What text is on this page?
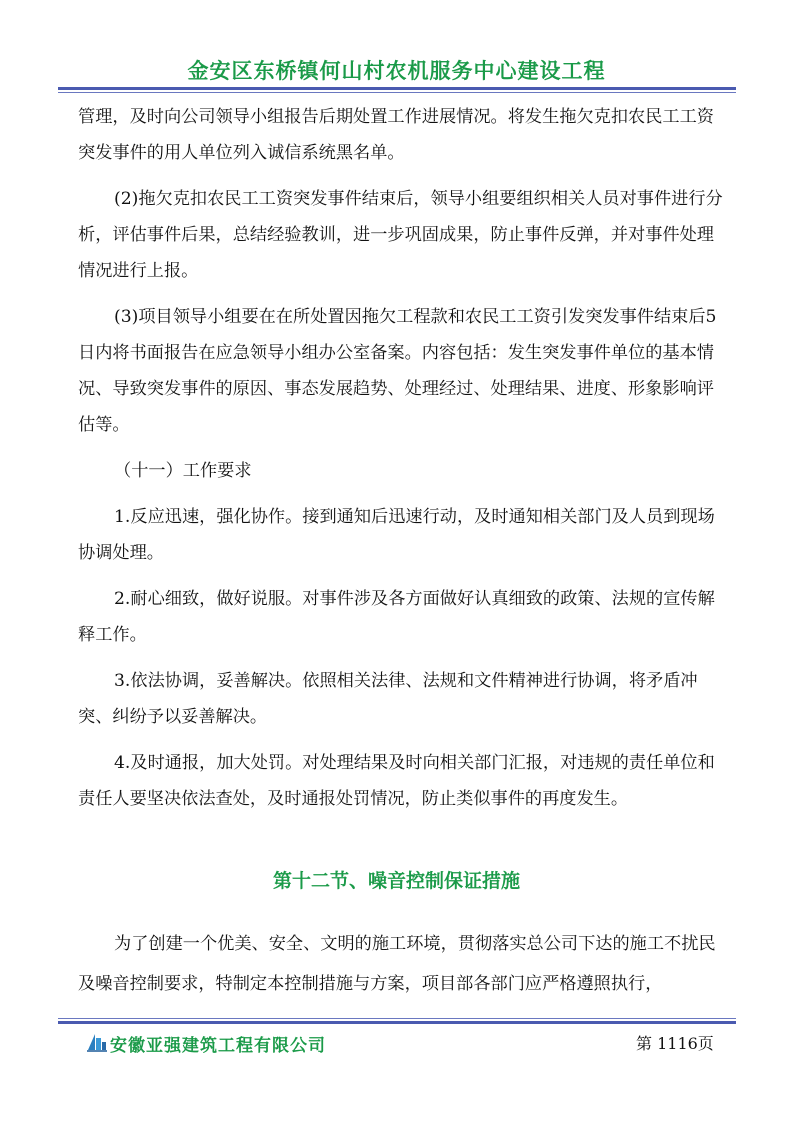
金安区东桥镇何山村农机服务中心建设工程

管理，及时向公司领导小组报告后期处置工作进展情况。将发生拖欠克扣农民工工资突发事件的用人单位列入诚信系统黑名单。

(2)拖欠克扣农民工工资突发事件结束后，领导小组要组织相关人员对事件进行分析，评估事件后果，总结经验教训，进一步巩固成果，防止事件反弹，并对事件处理情况进行上报。

(3)项目领导小组要在在所处置因拖欠工程款和农民工工资引发突发事件结束后5日内将书面报告在应急领导小组办公室备案。内容包括：发生突发事件单位的基本情况、导致突发事件的原因、事态发展趋势、处理经过、处理结果、进度、形象影响评估等。

（十一）工作要求

1.反应迅速，强化协作。接到通知后迅速行动，及时通知相关部门及人员到现场协调处理。

2.耐心细致，做好说服。对事件涉及各方面做好认真细致的政策、法规的宣传解释工作。

3.依法协调，妥善解决。依照相关法律、法规和文件精神进行协调，将矛盾冲突、纠纷予以妥善解决。

4.及时通报，加大处罚。对处理结果及时向相关部门汇报，对违规的责任单位和责任人要坚决依法查处，及时通报处罚情况，防止类似事件的再度发生。

第十二节、噪音控制保证措施

为了创建一个优美、安全、文明的施工环境，贯彻落实总公司下达的施工不扰民及噪音控制要求，特制定本控制措施与方案，项目部各部门应严格遵照执行，

安徽亚强建筑工程有限公司	第 1116页
